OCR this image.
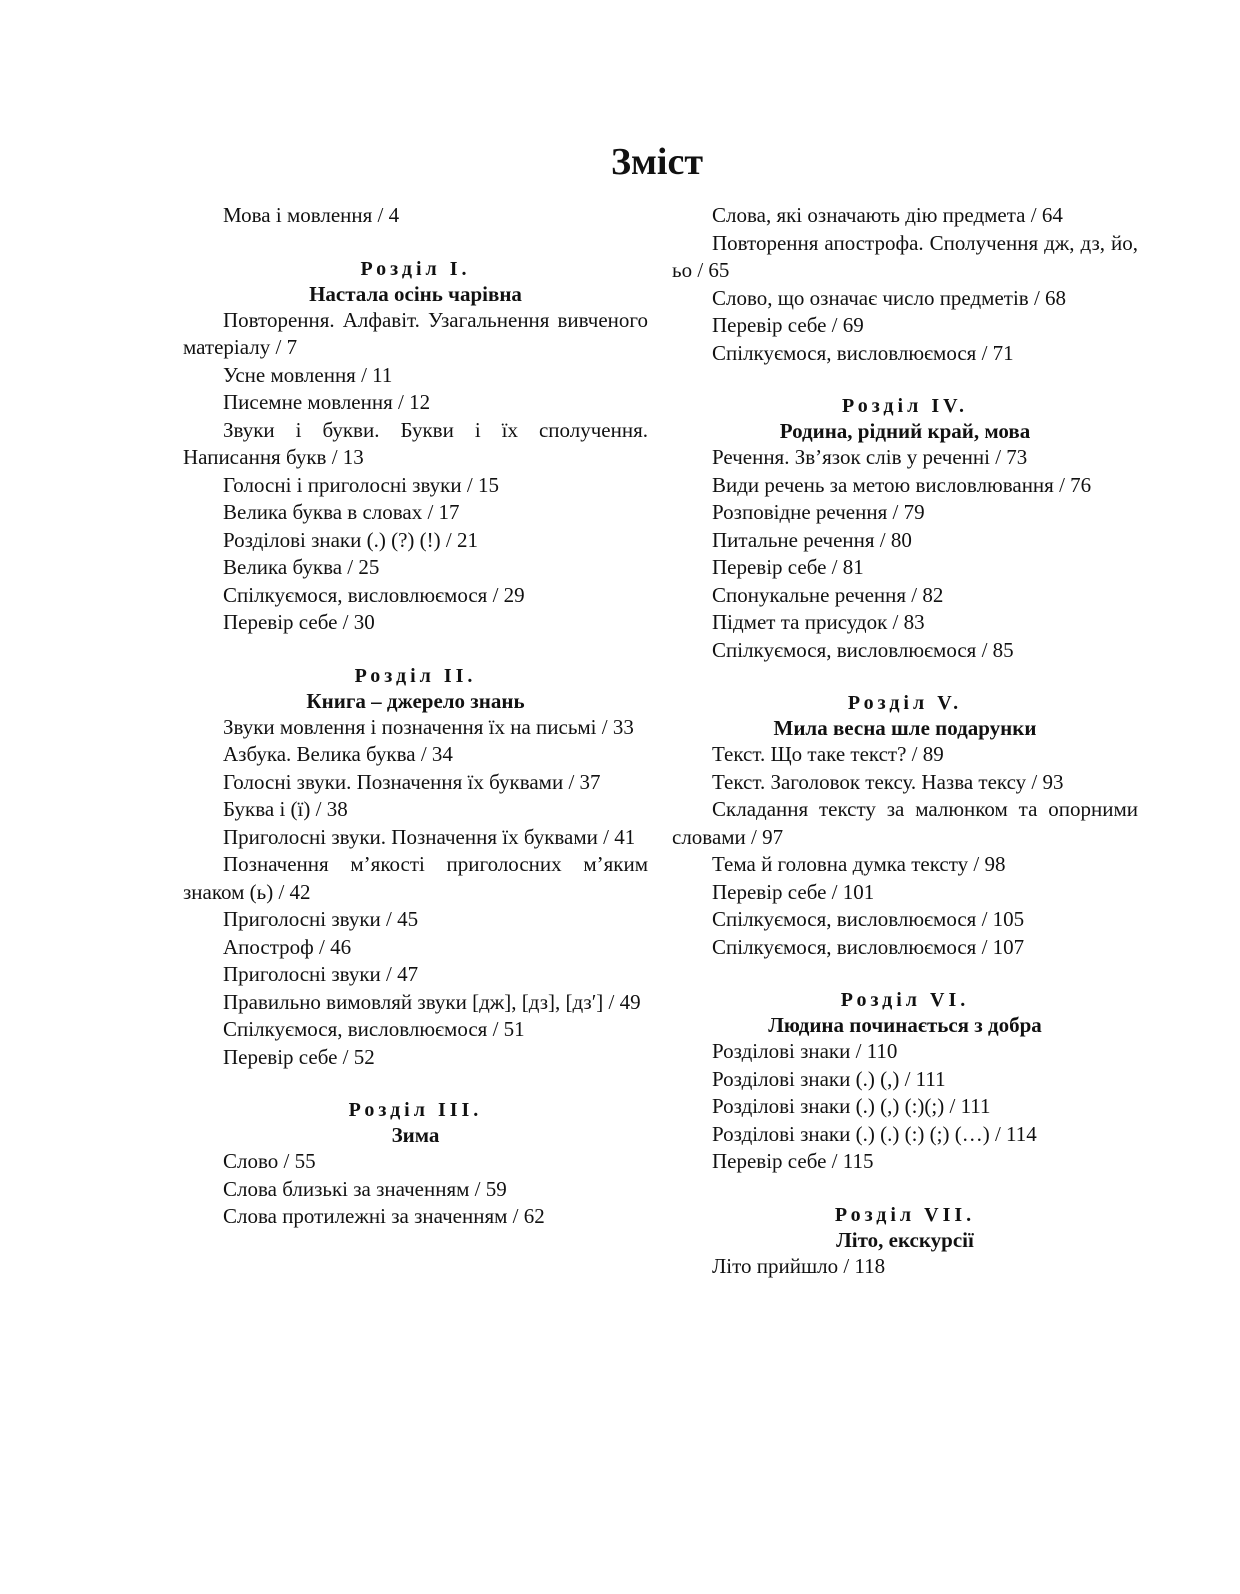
Зміст
Мова і мовлення / 4
Розділ І.
Настала осінь чарівна
Повторення. Алфавіт. Узагальнення вивченого матеріалу / 7
Усне мовлення / 11
Писемне мовлення / 12
Звуки і букви. Букви і їх сполучення. Написання букв / 13
Голосні і приголосні звуки / 15
Велика буква в словах / 17
Розділові знаки (.) (?) (!) / 21
Велика буква / 25
Спілкуємося, висловлюємося / 29
Перевір себе / 30
Розділ ІІ.
Книга – джерело знань
Звуки мовлення і позначення їх на письмі / 33
Азбука. Велика буква / 34
Голосні звуки. Позначення їх буквами / 37
Буква і (ї) / 38
Приголосні звуки. Позначення їх буквами / 41
Позначення м’якості приголосних м’яким знаком (ь) / 42
Приголосні звуки / 45
Апостроф / 46
Приголосні звуки / 47
Правильно вимовляй звуки [дж], [дз], [дз′] / 49
Спілкуємося, висловлюємося / 51
Перевір себе / 52
Розділ ІІІ.
Зима
Слово / 55
Слова близькі за значенням / 59
Слова протилежні за значенням / 62
Слова, які означають дію предмета / 64
Повторення апострофа. Сполучення дж, дз, йо, ьо / 65
Слово, що означає число предметів / 68
Перевір себе / 69
Спілкуємося, висловлюємося / 71
Розділ ІV.
Родина, рідний край, мова
Речення. Зв’язок слів у реченні / 73
Види речень за метою висловлювання / 76
Розповідне речення / 79
Питальне речення / 80
Перевір себе / 81
Спонукальне речення / 82
Підмет та присудок / 83
Спілкуємося, висловлюємося / 85
Розділ V.
Мила весна шле подарунки
Текст. Що таке текст? / 89
Текст. Заголовок тексу. Назва тексу / 93
Складання тексту за малюнком та опорними словами / 97
Тема й головна думка тексту / 98
Перевір себе / 101
Спілкуємося, висловлюємося / 105
Спілкуємося, висловлюємося / 107
Розділ VІ.
Людина починається з добра
Розділові знаки / 110
Розділові знаки (.) (,) / 111
Розділові знаки (.) (,) (:)(;) / 111
Розділові знаки (.) (.) (:) (;) (…) / 114
Перевір себе / 115
Розділ VІІ.
Літо, екскурсії
Літо прийшло / 118
